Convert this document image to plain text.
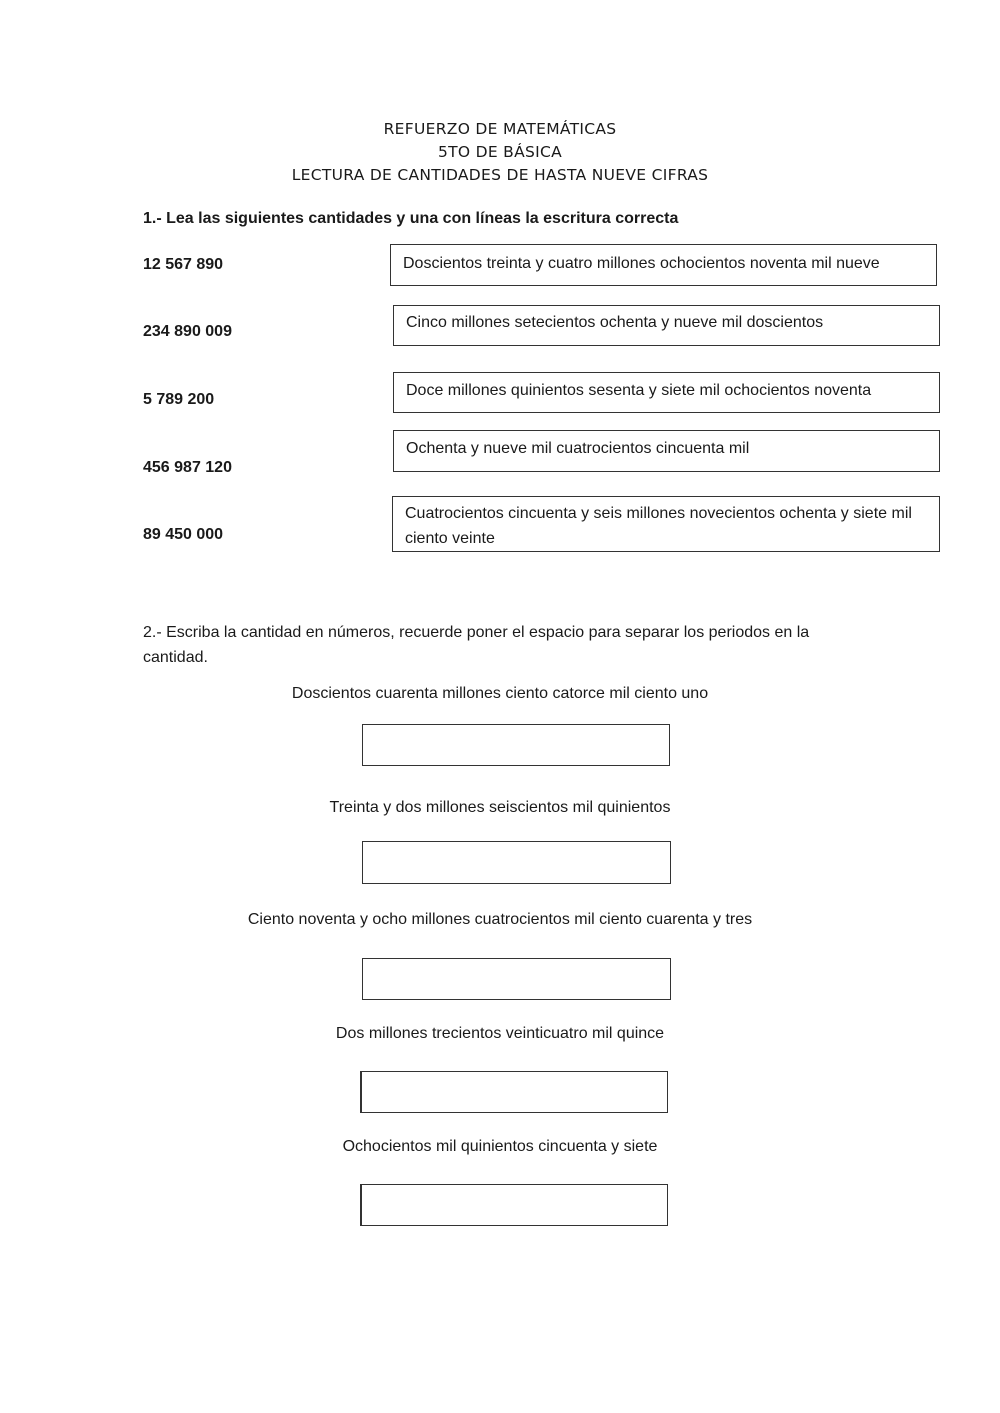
REFUERZO DE MATEMÁTICAS
5TO DE BÁSICA
LECTURA DE CANTIDADES DE HASTA NUEVE CIFRAS
1.- Lea las siguientes cantidades y una con líneas la escritura correcta
12 567 890
234 890 009
5 789 200
456 987 120
89 450 000
Doscientos treinta y cuatro millones ochocientos noventa mil nueve
Cinco millones setecientos ochenta y nueve mil doscientos
Doce millones quinientos sesenta y siete mil ochocientos noventa
Ochenta y nueve mil cuatrocientos cincuenta mil
Cuatrocientos cincuenta y seis millones novecientos ochenta y siete mil ciento veinte
2.- Escriba la cantidad en números, recuerde poner el espacio para separar los periodos en la cantidad.
Doscientos cuarenta millones ciento catorce mil ciento uno
Treinta y dos millones seiscientos mil quinientos
Ciento noventa y ocho millones cuatrocientos mil ciento cuarenta y tres
Dos millones trecientos veinticuatro mil quince
Ochocientos mil quinientos cincuenta y siete
